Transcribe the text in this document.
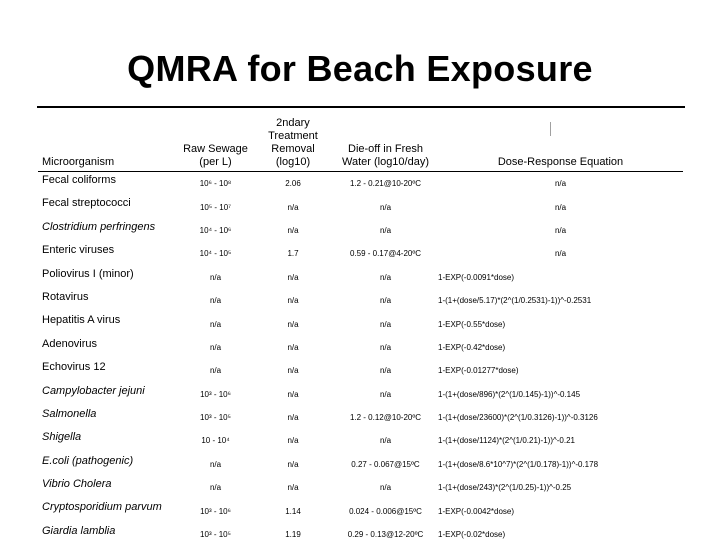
QMRA for Beach Exposure
Microorganism	Raw Sewage (per L)	2ndary Treatment Removal (log10)	Die-off in Fresh Water (log10/day)	Dose-Response Equation
Fecal coliforms	10⁶ - 10⁸	2.06	1.2 - 0.21@10-20ºC	n/a
Fecal streptococci	10⁵ - 10⁷	n/a	n/a	n/a
Clostridium perfringens	10⁴ - 10⁶	n/a	n/a	n/a
Enteric viruses	10⁴ - 10⁵	1.7	0.59 - 0.17@4-20ºC	n/a
Poliovirus I (minor)	n/a	n/a	n/a	1-EXP(-0.0091*dose)
Rotavirus	n/a	n/a	n/a	1-(1+(dose/5.17)*(2^(1/0.2531)-1))^-0.2531
Hepatitis A virus	n/a	n/a	n/a	1-EXP(-0.55*dose)
Adenovirus	n/a	n/a	n/a	1-EXP(-0.42*dose)
Echovirus 12	n/a	n/a	n/a	1-EXP(-0.01277*dose)
Campylobacter jejuni	10³ - 10⁶	n/a	n/a	1-(1+(dose/896)*(2^(1/0.145)-1))^-0.145
Salmonella	10³ - 10⁵	n/a	1.2 - 0.12@10-20ºC	1-(1+(dose/23600)*(2^(1/0.3126)-1))^-0.3126
Shigella	10 - 10⁴	n/a	n/a	1-(1+(dose/1124)*(2^(1/0.21)-1))^-0.21
E.coli (pathogenic)	n/a	n/a	0.27 - 0.067@15ºC	1-(1+(dose/8.6*10^7)*(2^(1/0.178)-1))^-0.178
Vibrio Cholera	n/a	n/a	n/a	1-(1+(dose/243)*(2^(1/0.25)-1))^-0.25
Cryptosporidium parvum	10³ - 10⁶	1.14	0.024 - 0.006@15ºC	1-EXP(-0.0042*dose)
Giardia lamblia	10³ - 10⁵	1.19	0.29 - 0.13@12-20ºC	1-EXP(-0.02*dose)
